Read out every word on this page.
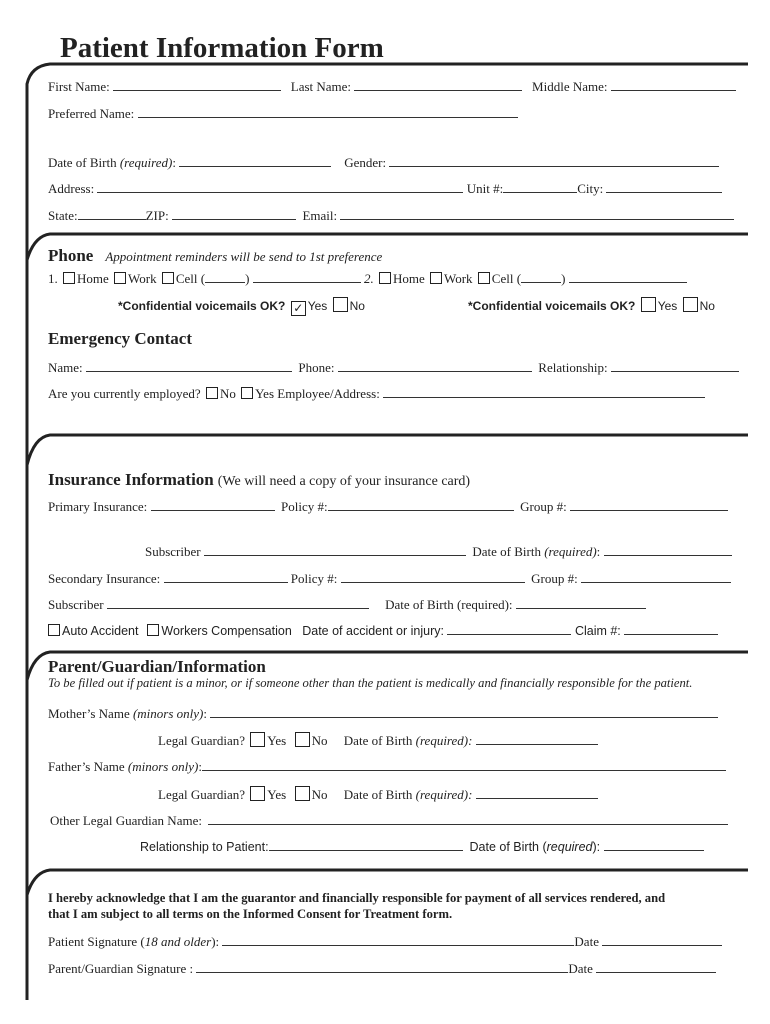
Patient Information Form
First Name:	Last Name:	Middle Name:
Preferred Name:
Date of Birth (required):	Gender:
Address:	Unit #:	City:
State:	ZIP:	Email:
Phone Appointment reminders will be send to 1st preference
1. Home Work Cell (	)	2. Home Work Cell (	)
*Confidential voicemails OK? ✓ Yes No	*Confidential voicemails OK? Yes No
Emergency Contact
Name:	Phone:	Relationship:
Are you currently employed? No Yes Employee/Address:
Insurance Information (We will need a copy of your insurance card)
Primary Insurance:	Policy #:	Group #:
Subscriber	Date of Birth (required):
Secondary Insurance:	Policy #:	Group #:
Subscriber	Date of Birth (required):
Auto Accident Workers Compensation Date of accident or injury:	Claim #:
Parent/Guardian/Information
To be filled out if patient is a minor, or if someone other than the patient is medically and financially responsible for the patient.
Mother’s Name (minors only):
Legal Guardian? Yes No Date of Birth (required):
Father’s Name (minors only):
Legal Guardian? Yes No Date of Birth (required):
Other Legal Guardian Name:
Relationship to Patient:	Date of Birth (required):
I hereby acknowledge that I am the guarantor and financially responsible for payment of all services rendered, and
that I am subject to all terms on the Informed Consent for Treatment form.
Patient Signature (18 and older):	Date
Parent/Guardian Signature :	Date
